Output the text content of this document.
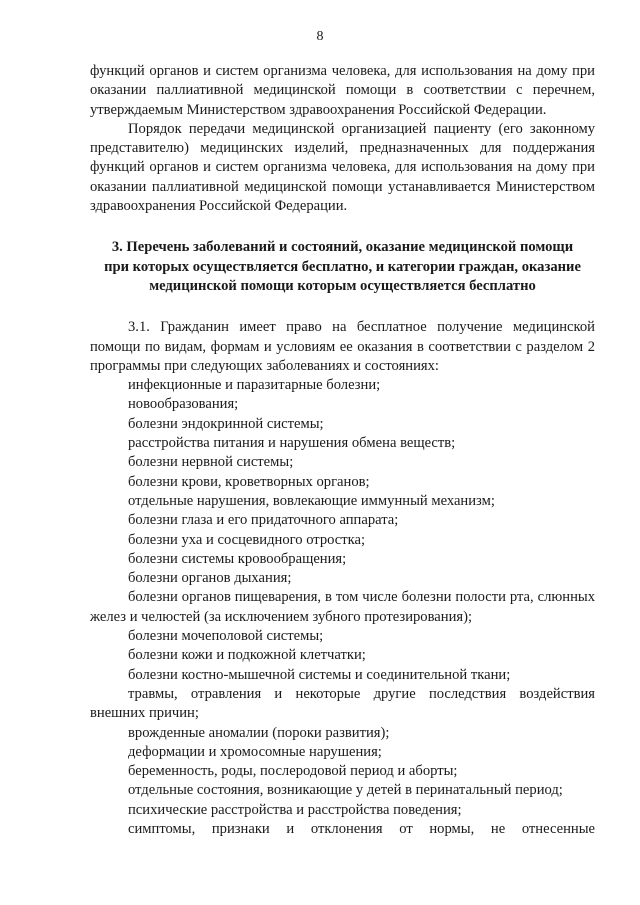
8

функций органов и систем организма человека, для использования на дому при оказании паллиативной медицинской помощи в соответствии с перечнем, утверждаемым Министерством здравоохранения Российской Федерации.

Порядок передачи медицинской организацией пациенту (его законному представителю) медицинских изделий, предназначенных для поддержания функций органов и систем организма человека, для использования на дому при оказании паллиативной медицинской помощи устанавливается Министерством здравоохранения Российской Федерации.

3. Перечень заболеваний и состояний, оказание медицинской помощи
при которых осуществляется бесплатно, и категории граждан, оказание
медицинской помощи которым осуществляется бесплатно

3.1. Гражданин имеет право на бесплатное получение медицинской помощи по видам, формам и условиям ее оказания в соответствии с разделом 2 программы при следующих заболеваниях и состояниях:

инфекционные и паразитарные болезни;
новообразования;
болезни эндокринной системы;
расстройства питания и нарушения обмена веществ;
болезни нервной системы;
болезни крови, кроветворных органов;
отдельные нарушения, вовлекающие иммунный механизм;
болезни глаза и его придаточного аппарата;
болезни уха и сосцевидного отростка;
болезни системы кровообращения;
болезни органов дыхания;
болезни органов пищеварения, в том числе болезни полости рта, слюнных желез и челюстей (за исключением зубного протезирования);
болезни мочеполовой системы;
болезни кожи и подкожной клетчатки;
болезни костно-мышечной системы и соединительной ткани;
травмы, отравления и некоторые другие последствия воздействия внешних причин;
врожденные аномалии (пороки развития);
деформации и хромосомные нарушения;
беременность, роды, послеродовой период и аборты;
отдельные состояния, возникающие у детей в перинатальный период;
психические расстройства и расстройства поведения;
симптомы, признаки и отклонения от нормы, не отнесенные
